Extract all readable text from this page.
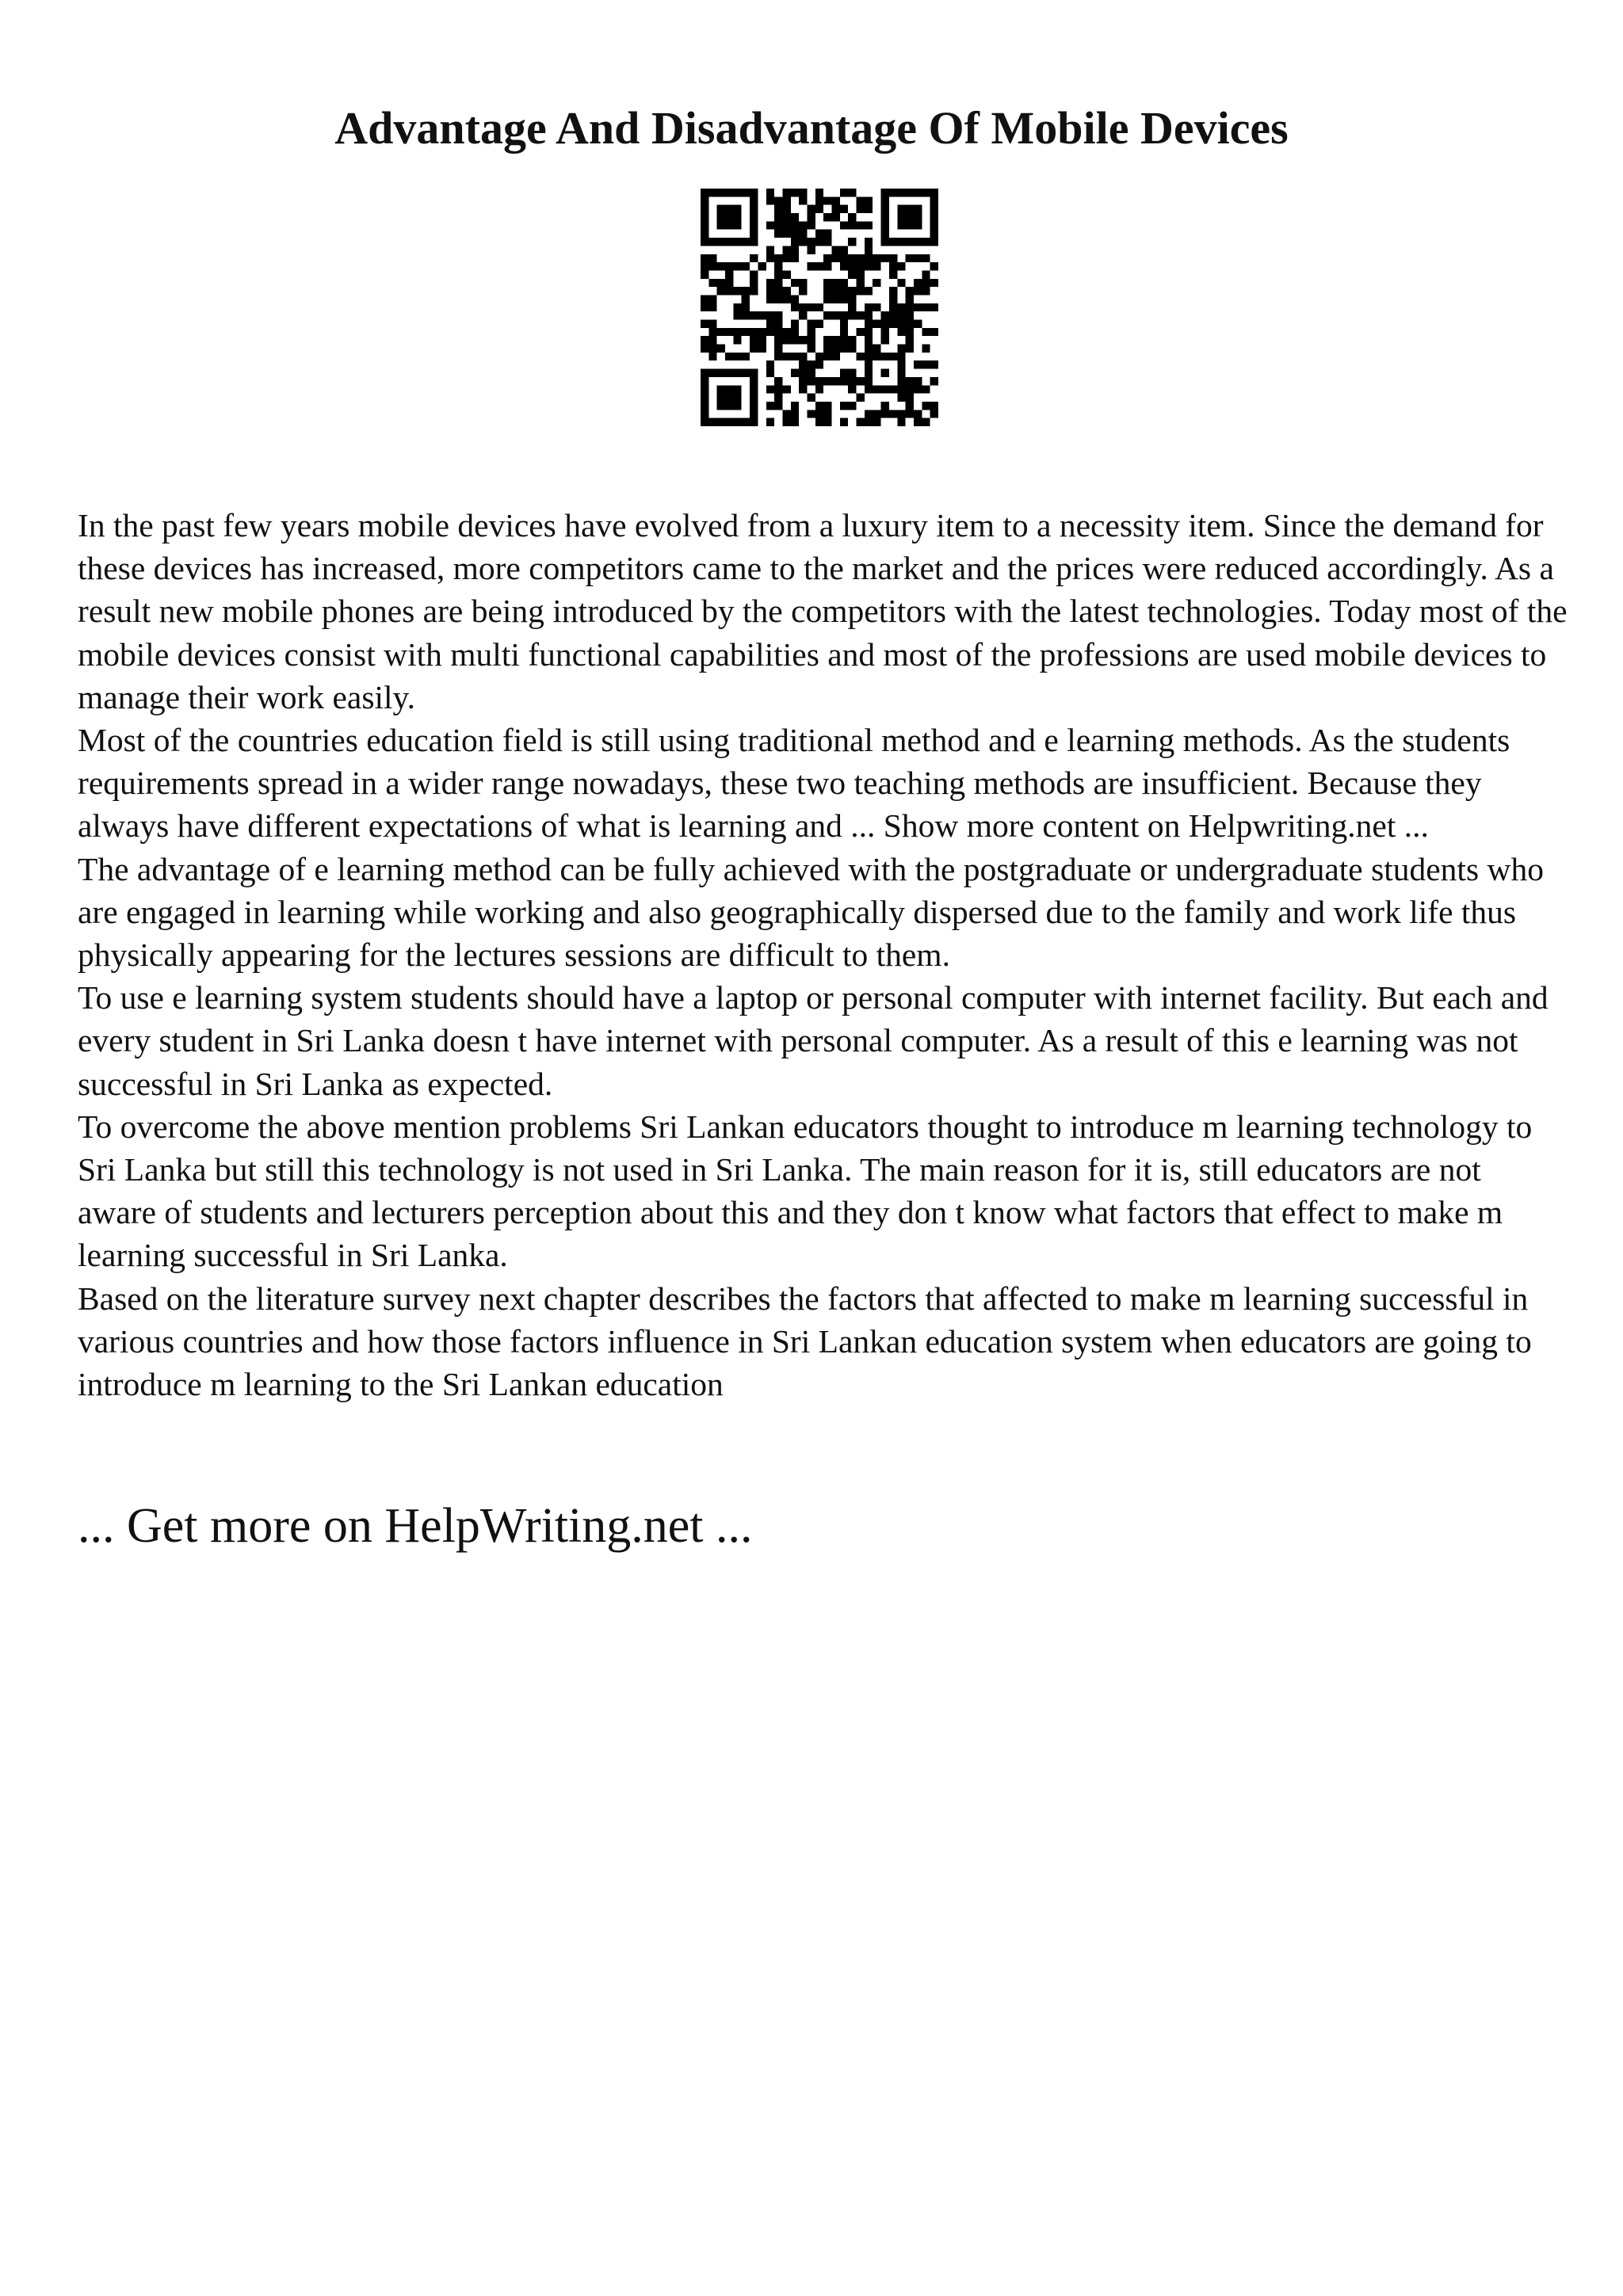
Advantage And Disadvantage Of Mobile Devices

In the past few years mobile devices have evolved from a luxury item to a necessity item. Since the demand for these devices has increased, more competitors came to the market and the prices were reduced accordingly. As a result new mobile phones are being introduced by the competitors with the latest technologies. Today most of the mobile devices consist with multi functional capabilities and most of the professions are used mobile devices to manage their work easily.

Most of the countries education field is still using traditional method and e learning methods. As the students requirements spread in a wider range nowadays, these two teaching methods are insufficient. Because they always have different expectations of what is learning and ... Show more content on Helpwriting.net ...

The advantage of e learning method can be fully achieved with the postgraduate or undergraduate students who are engaged in learning while working and also geographically dispersed due to the family and work life thus physically appearing for the lectures sessions are difficult to them.

To use e learning system students should have a laptop or personal computer with internet facility. But each and every student in Sri Lanka doesn t have internet with personal computer. As a result of this e learning was not successful in Sri Lanka as expected.

To overcome the above mention problems Sri Lankan educators thought to introduce m learning technology to Sri Lanka but still this technology is not used in Sri Lanka. The main reason for it is, still educators are not aware of students and lecturers perception about this and they don t know what factors that effect to make m learning successful in Sri Lanka.

Based on the literature survey next chapter describes the factors that affected to make m learning successful in various countries and how those factors influence in Sri Lankan education system when educators are going to introduce m learning to the Sri Lankan education

... Get more on HelpWriting.net ...
